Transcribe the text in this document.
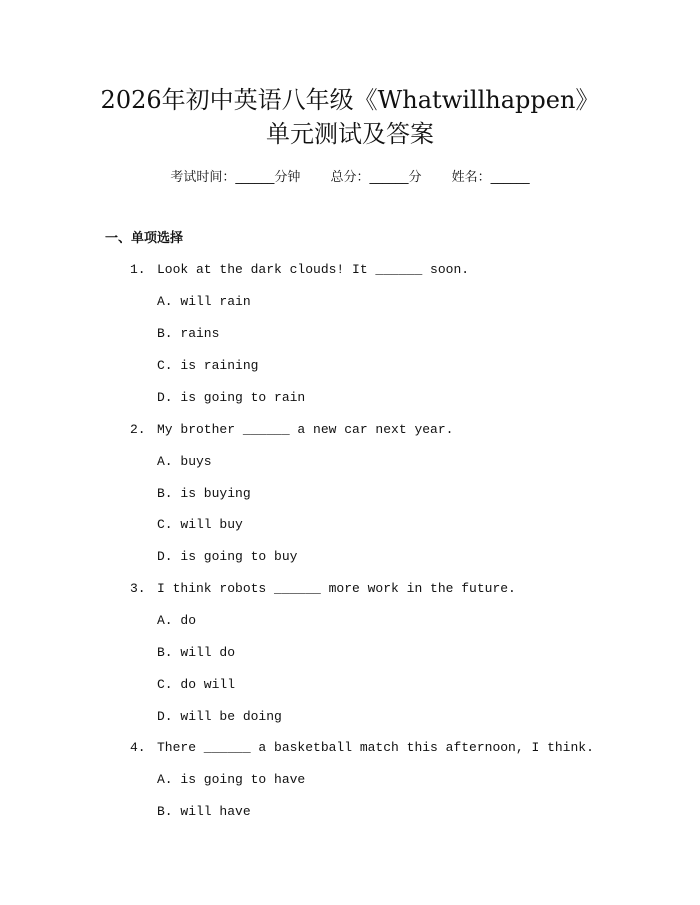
2026年初中英语八年级《Whatwillhappen》
单元测试及答案
考试时间：______分钟 总分：______分 姓名：______
一、单项选择
1. Look at the dark clouds! It ______ soon.
A. will rain
B. rains
C. is raining
D. is going to rain
2. My brother ______ a new car next year.
A. buys
B. is buying
C. will buy
D. is going to buy
3. I think robots ______ more work in the future.
A. do
B. will do
C. do will
D. will be doing
4. There ______ a basketball match this afternoon, I think.
A. is going to have
B. will have
